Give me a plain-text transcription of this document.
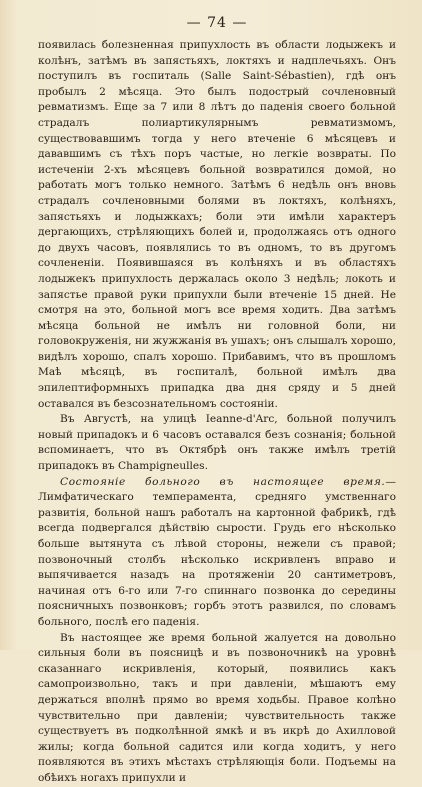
— 74 —

появилась болезненная припухлость въ области лодыжекъ и колѣнъ, затѣмъ въ запястьяхъ, локтяхъ и надплечьяхъ. Онъ поступилъ въ госпиталь (Salle Saint-Sébastien), гдѣ онъ пробылъ 2 мѣсяца. Это былъ подострый сочленовный ревматизмъ. Еще за 7 или 8 лѣтъ до паденія своего больной страдалъ полиартикулярнымъ ревматизмомъ, существовавшимъ тогда у него втеченіе 6 мѣсяцевъ и дававшимъ съ тѣхъ поръ частые, но легкіе возвраты. По истеченіи 2-хъ мѣсяцевъ больной возвратился домой, но работать могъ только немного. Затѣмъ 6 недѣль онъ вновь страдалъ сочленовными болями въ локтяхъ, колѣняхъ, запястьяхъ и лодыжкахъ; боли эти имѣли характеръ дергающихъ, стрѣляющихъ болей и, продолжаясь отъ одного до двухъ часовъ, появлялись то въ одномъ, то въ другомъ сочлененіи. Появившаяся въ колѣняхъ и въ областяхъ лодыжекъ припухлость держалась около 3 недѣль; локоть и запястье правой руки припухли были втеченіе 15 дней. Не смотря на это, больной могъ все время ходить. Два затѣмъ мѣсяца больной не имѣлъ ни головной боли, ни головокруженія, ни жужжанія въ ушахъ; онъ слышалъ хорошо, видѣлъ хорошо, спалъ хорошо. Прибавимъ, что въ прошломъ Маѣ мѣсяцѣ, въ госпиталѣ, больной имѣлъ два эпилептиформныхъ припадка два дня сряду и 5 дней оставался въ безсознательномъ состояніи.

Въ Августѣ, на улицѣ Ieanne-d'Arc, больной получилъ новый припадокъ и 6 часовъ оставался безъ сознанія; больной вспоминаетъ, что въ Октябрѣ онъ также имѣлъ третій припадокъ въ Champigneulles.

Состояніе больного въ настоящее время.—Лимфатическаго темперамента, средняго умственнаго развитія, больной нашъ работалъ на картонной фабрикѣ, гдѣ всегда подвергался дѣйствію сырости. Грудь его нѣсколько больше вытянута съ лѣвой стороны, нежели съ правой; позвоночный столбъ нѣсколько искривленъ вправо и выпячивается назадъ на протяженіи 20 сантиметровъ, начиная отъ 6-го или 7-го спиннаго позвонка до середины поясничныхъ позвонковъ; горбъ этотъ развился, по словамъ больного, послѣ его паденія.

Въ настоящее же время больной жалуется на довольно сильныя боли въ поясницѣ и въ позвоночникѣ на уровнѣ сказаннаго искривленія, который, появились какъ самопроизвольно, такъ и при давленіи, мѣшаютъ ему держаться вполнѣ прямо во время ходьбы. Правое колѣно чувствительно при давленіи; чувствительность также существуетъ въ подколѣнной ямкѣ и въ икрѣ до Ахилловой жилы; когда больной садится или когда ходитъ, у него появляются въ этихъ мѣстахъ стрѣляющія боли. Подъемы на обѣихъ ногахъ припухли и
